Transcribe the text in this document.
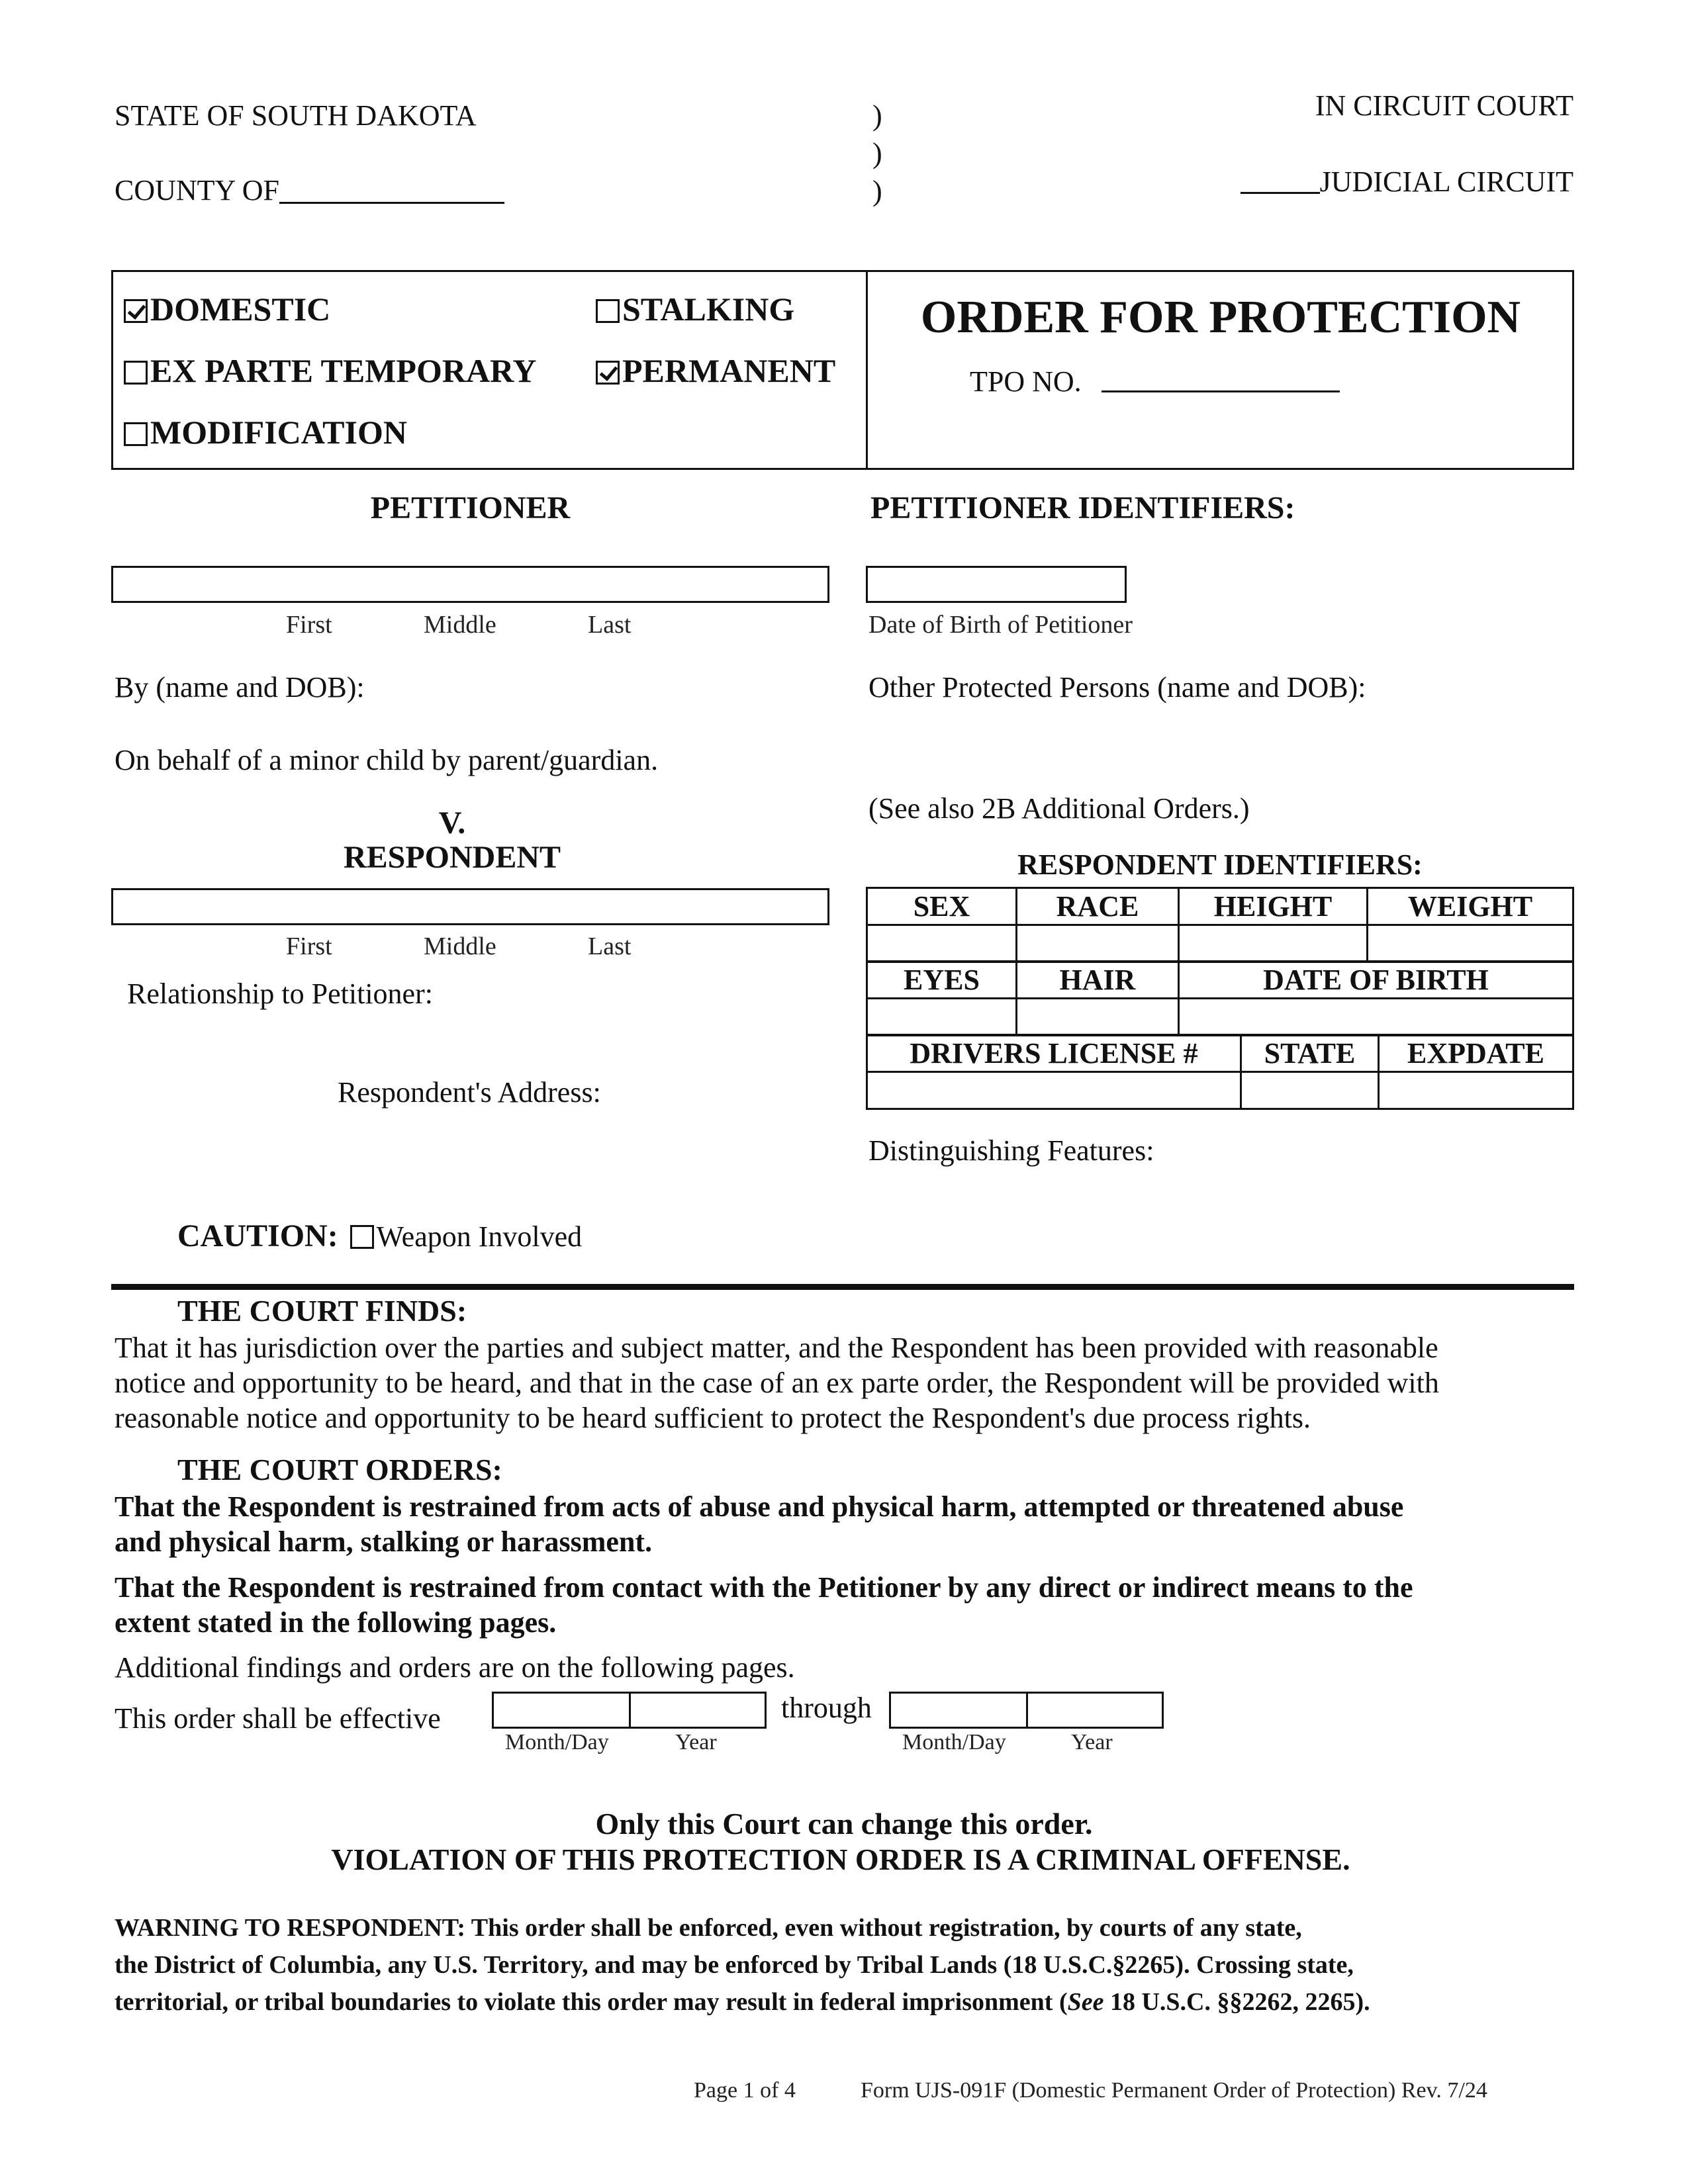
STATE OF SOUTH DAKOTA
COUNTY OF
)
)
)
IN CIRCUIT COURT
JUDICIAL CIRCUIT
DOMESTIC	STALKING
EX PARTE TEMPORARY	PERMANENT
MODIFICATION
ORDER FOR PROTECTION
TPO NO.
PETITIONER
First	Middle	Last
By (name and DOB):
On behalf of a minor child by parent/guardian.
PETITIONER IDENTIFIERS:
Date of Birth of Petitioner
Other Protected Persons (name and DOB):
(See also 2B Additional Orders.)
V.
RESPONDENT
First	Middle	Last
Relationship to Petitioner:
Respondent's Address:
RESPONDENT IDENTIFIERS:
SEX	RACE	HEIGHT	WEIGHT

EYES	HAIR	DATE OF BIRTH

DRIVERS LICENSE #	STATE	EXPDATE

Distinguishing Features:
CAUTION: Weapon Involved
THE COURT FINDS:
That it has jurisdiction over the parties and subject matter, and the Respondent has been provided with reasonable
notice and opportunity to be heard, and that in the case of an ex parte order, the Respondent will be provided with
reasonable notice and opportunity to be heard sufficient to protect the Respondent's due process rights.
THE COURT ORDERS:
That the Respondent is restrained from acts of abuse and physical harm, attempted or threatened abuse
and physical harm, stalking or harassment.
That the Respondent is restrained from contact with the Petitioner by any direct or indirect means to the
extent stated in the following pages.
Additional findings and orders are on the following pages.
This order shall be effective
Month/Day	Year
through
Month/Day	Year
Only this Court can change this order.
VIOLATION OF THIS PROTECTION ORDER IS A CRIMINAL OFFENSE.
WARNING TO RESPONDENT: This order shall be enforced, even without registration, by courts of any state,
the District of Columbia, any U.S. Territory, and may be enforced by Tribal Lands (18 U.S.C.§2265). Crossing state,
territorial, or tribal boundaries to violate this order may result in federal imprisonment (See 18 U.S.C. §§2262, 2265).
Page 1 of 4	Form UJS-091F (Domestic Permanent Order of Protection) Rev. 7/24
